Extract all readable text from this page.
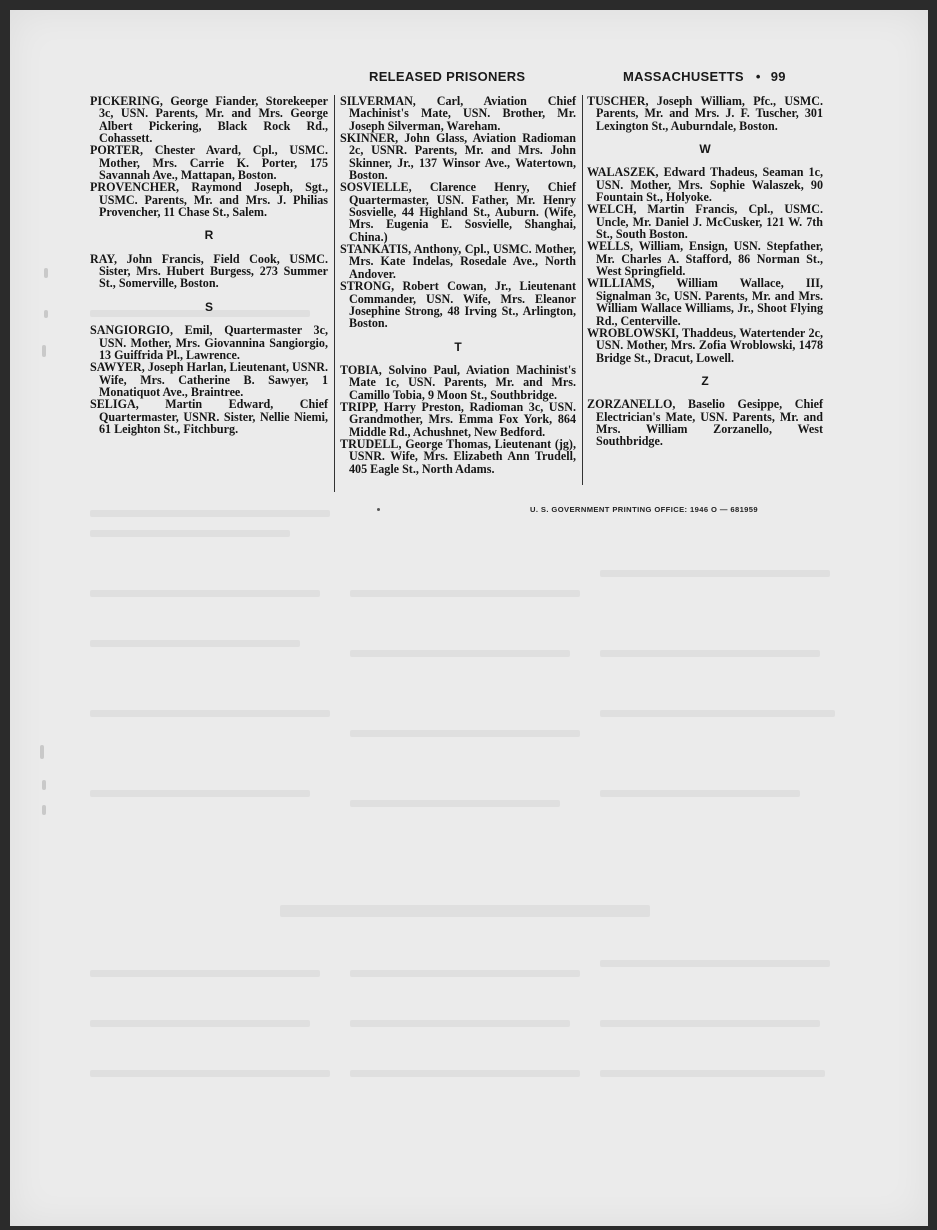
RELEASED PRISONERS	MASSACHUSETTS • 99
PICKERING, George Fiander, Storekeeper 3c, USN. Parents, Mr. and Mrs. George Albert Pickering, Black Rock Rd., Cohassett.
PORTER, Chester Avard, Cpl., USMC. Mother, Mrs. Carrie K. Porter, 175 Savannah Ave., Mattapan, Boston.
PROVENCHER, Raymond Joseph, Sgt., USMC. Parents, Mr. and Mrs. J. Philias Provencher, 11 Chase St., Salem.
R
RAY, John Francis, Field Cook, USMC. Sister, Mrs. Hubert Burgess, 273 Summer St., Somerville, Boston.
S
SANGIORGIO, Emil, Quartermaster 3c, USN. Mother, Mrs. Giovannina Sangiorgio, 13 Guiffrida Pl., Lawrence.
SAWYER, Joseph Harlan, Lieutenant, USNR. Wife, Mrs. Catherine B. Sawyer, 1 Monatiquot Ave., Braintree.
SELIGA, Martin Edward, Chief Quartermaster, USNR. Sister, Nellie Niemi, 61 Leighton St., Fitchburg.
SILVERMAN, Carl, Aviation Chief Machinist's Mate, USN. Brother, Mr. Joseph Silverman, Wareham.
SKINNER, John Glass, Aviation Radioman 2c, USNR. Parents, Mr. and Mrs. John Skinner, Jr., 137 Winsor Ave., Watertown, Boston.
SOSVIELLE, Clarence Henry, Chief Quartermaster, USN. Father, Mr. Henry Sosvielle, 44 Highland St., Auburn. (Wife, Mrs. Eugenia E. Sosvielle, Shanghai, China.)
STANKATIS, Anthony, Cpl., USMC. Mother, Mrs. Kate Indelas, Rosedale Ave., North Andover.
STRONG, Robert Cowan, Jr., Lieutenant Commander, USN. Wife, Mrs. Eleanor Josephine Strong, 48 Irving St., Arlington, Boston.
T
TOBIA, Solvino Paul, Aviation Machinist's Mate 1c, USN. Parents, Mr. and Mrs. Camillo Tobia, 9 Moon St., Southbridge.
TRIPP, Harry Preston, Radioman 3c, USN. Grandmother, Mrs. Emma Fox York, 864 Middle Rd., Achushnet, New Bedford.
TRUDELL, George Thomas, Lieutenant (jg), USNR. Wife, Mrs. Elizabeth Ann Trudell, 405 Eagle St., North Adams.
TUSCHER, Joseph William, Pfc., USMC. Parents, Mr. and Mrs. J. F. Tuscher, 301 Lexington St., Auburndale, Boston.
W
WALASZEK, Edward Thadeus, Seaman 1c, USN. Mother, Mrs. Sophie Walaszek, 90 Fountain St., Holyoke.
WELCH, Martin Francis, Cpl., USMC. Uncle, Mr. Daniel J. McCusker, 121 W. 7th St., South Boston.
WELLS, William, Ensign, USN. Stepfather, Mr. Charles A. Stafford, 86 Norman St., West Springfield.
WILLIAMS, William Wallace, III, Signalman 3c, USN. Parents, Mr. and Mrs. William Wallace Williams, Jr., Shoot Flying Rd., Centerville.
WROBLOWSKI, Thaddeus, Watertender 2c, USN. Mother, Mrs. Zofia Wroblowski, 1478 Bridge St., Dracut, Lowell.
Z
ZORZANELLO, Baselio Gesippe, Chief Electrician's Mate, USN. Parents, Mr. and Mrs. William Zorzanello, West Southbridge.
U. S. GOVERNMENT PRINTING OFFICE: 1946 O — 681959
